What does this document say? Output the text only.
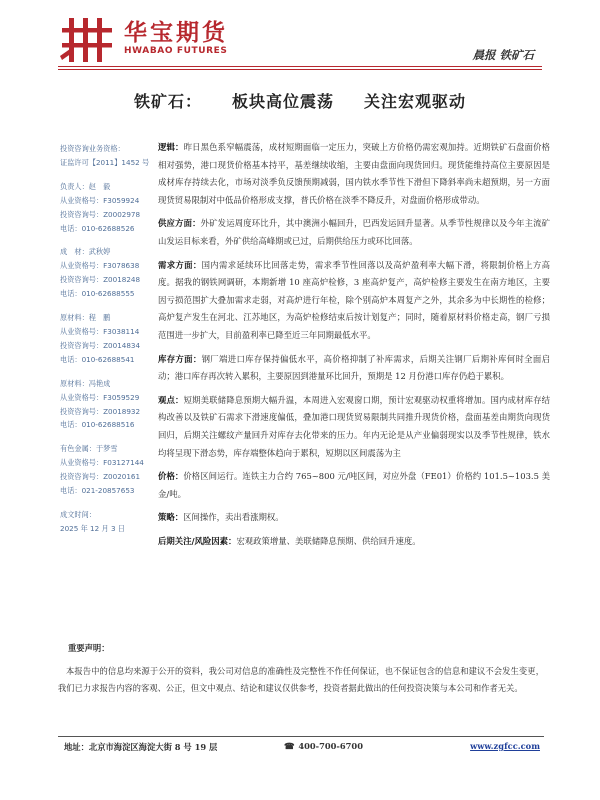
华宝期货
HWABAO FUTURES	晨报 铁矿石
铁矿石： 板块高位震荡 关注宏观驱动
投资咨询业务资格：
证监许可【2011】1452 号
负责人：赵　毅
从业资格号：F3059924
投资咨询号：Z0002978
电话：010-62688526
成　材：武秋婷
从业资格号：F3078638
投资咨询号：Z0018248
电话：010-62688555
原材料：程　鹏
从业资格号：F3038114
投资咨询号：Z0014834
电话：010-62688541
原材料：冯艳成
从业资格号：F3059529
投资咨询号：Z0018932
电话：010-62688516
有色金属：于梦雪
从业资格号：F03127144
投资咨询号：Z0020161
电话：021-20857653
成文时间：
2025 年 12 月 3 日

逻辑：昨日黑色系窄幅震荡，成材短期面临一定压力，突破上方价格仍需宏观加持。近期铁矿石盘面价格相对强势，港口现货价格基本持平，基差继续收缩，主要由盘面向现货回归。现货能维持高位主要原因是成材库存持续去化，市场对淡季负反馈预期减弱，国内铁水季节性下滑但下降斜率尚未超预期，另一方面现货贸易限制对中低品价格形成支撑，普氏价格在淡季不降反升，对盘面价格形成带动。

供应方面：外矿发运周度环比升，其中澳洲小幅回升，巴西发运回升显著。从季节性规律以及今年主流矿山发运目标来看，外矿供给高峰期或已过，后期供给压力或环比回落。

需求方面：国内需求延续环比回落走势，需求季节性回落以及高炉盈利率大幅下滑，将限制价格上方高度。据我的钢铁网调研，本期新增 10 座高炉检修，3 座高炉复产，高炉检修主要发生在南方地区，主要因亏损范围扩大叠加需求走弱，对高炉进行年检，除个别高炉本周复产之外，其余多为中长期性的检修；高炉复产发生在河北、江苏地区，为高炉检修结束后按计划复产；同时，随着原材料价格走高，钢厂亏损范围进一步扩大，目前盈利率已降至近三年同期最低水平。

库存方面：钢厂端进口库存保持偏低水平，高价格抑制了补库需求，后期关注钢厂后期补库何时全面启动；港口库存再次转入累积，主要原因到港量环比回升，预期是 12 月份港口库存仍趋于累积。

观点：短期美联储降息预期大幅升温，本周进入宏观窗口期，预计宏观驱动权重将增加。国内成材库存结构改善以及铁矿石需求下滑速度偏低，叠加港口现货贸易限制共同推升现货价格，盘面基差由期货向现货回归，后期关注螺纹产量回升对库存去化带来的压力。年内无论是从产业偏弱现实以及季节性规律，铁水均将呈现下滑态势，库存端整体趋向于累积，短期以区间震荡为主

价格：价格区间运行。连铁主力合约 765~800 元/吨区间，对应外盘（FE01）价格约 101.5~103.5 美金/吨。

策略：区间操作，卖出看涨期权。

后期关注/风险因素：宏观政策增量、美联储降息预期、供给回升速度。

重要声明：
本报告中的信息均来源于公开的资料，我公司对信息的准确性及完整性不作任何保证，也不保证包含的信息和建议不会发生变更，我们已力求报告内容的客观、公正，但文中观点、结论和建议仅供参考，投资者据此做出的任何投资决策与本公司和作者无关。
地址：北京市海淀区海淀大街 8 号 19 层	☎ 400-700-6700	www.zgfcc.com
